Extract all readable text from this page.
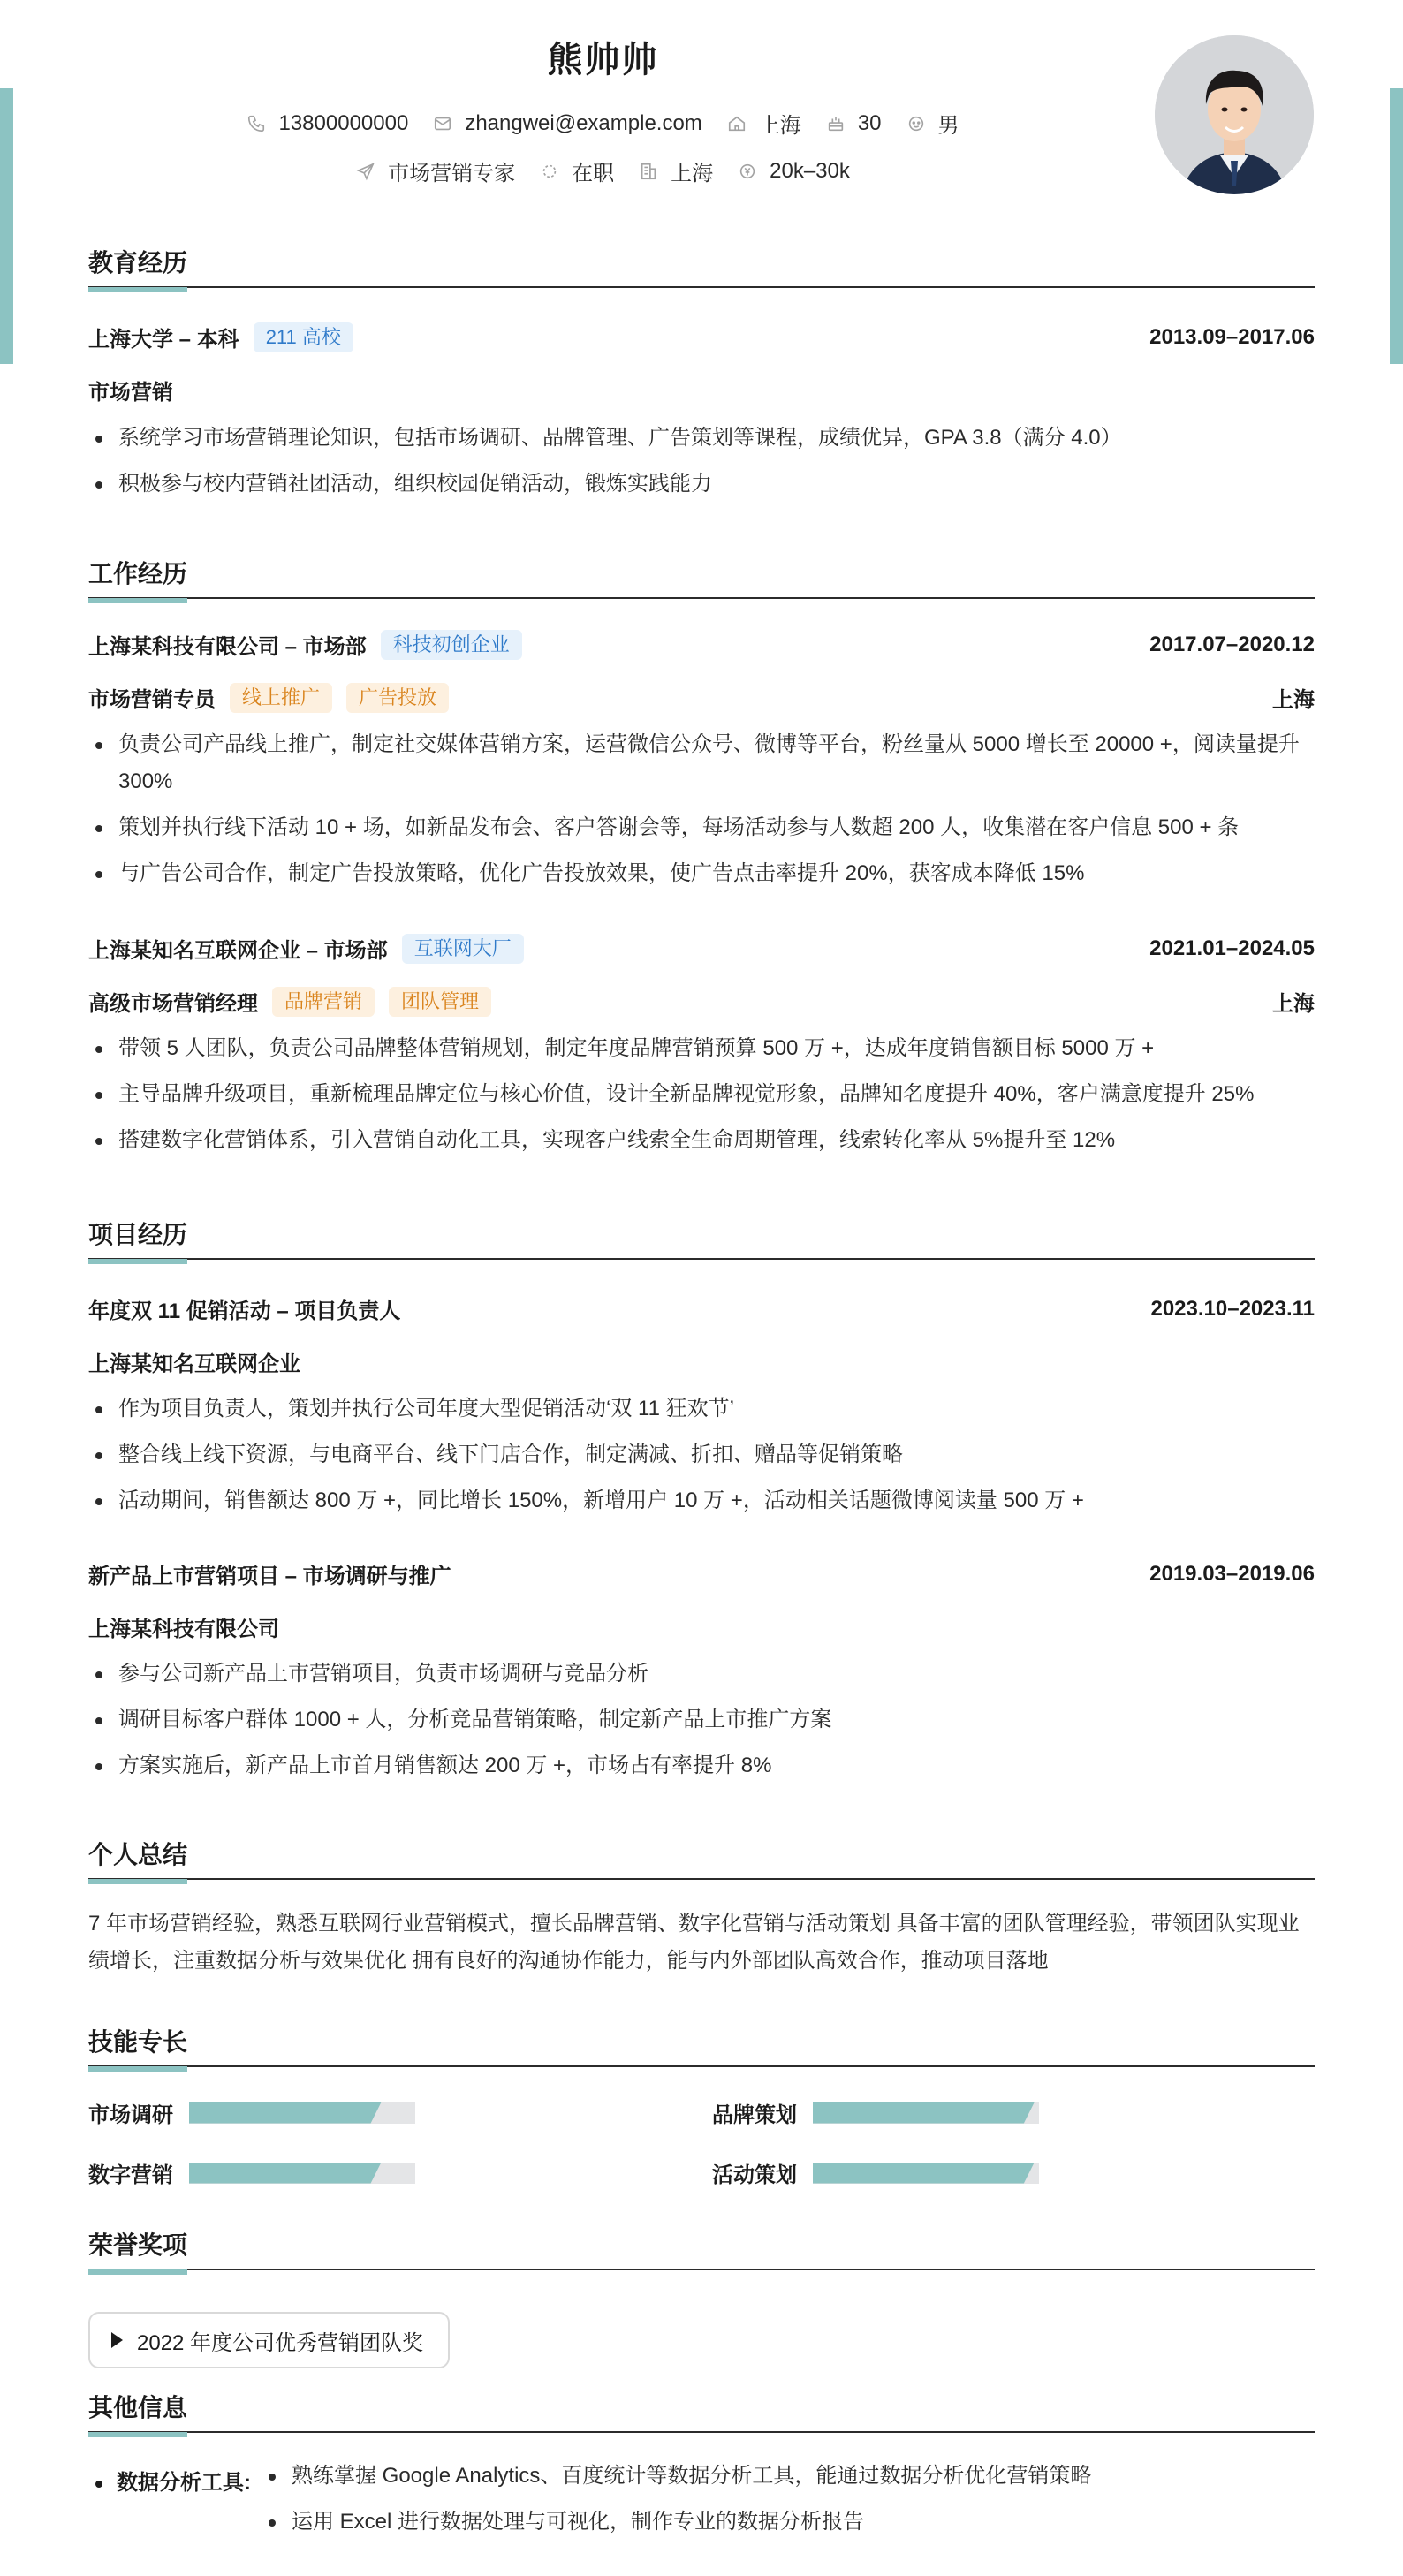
熊帅帅
13800000000	zhangwei@example.com	上海	30	男
市场营销专家	在职	上海	20k–30k
教育经历
上海大学 – 本科	211 高校	2013.09–2017.06
市场营销
系统学习市场营销理论知识，包括市场调研、品牌管理、广告策划等课程，成绩优异，GPA 3.8（满分 4.0）
积极参与校内营销社团活动，组织校园促销活动，锻炼实践能力
工作经历
上海某科技有限公司 – 市场部	科技初创企业	2017.07–2020.12
市场营销专员	线上推广	广告投放	上海
负责公司产品线上推广，制定社交媒体营销方案，运营微信公众号、微博等平台，粉丝量从 5000 增长至 20000 +，阅读量提升 300%
策划并执行线下活动 10 + 场，如新品发布会、客户答谢会等，每场活动参与人数超 200 人，收集潜在客户信息 500 + 条
与广告公司合作，制定广告投放策略，优化广告投放效果，使广告点击率提升 20%，获客成本降低 15%
上海某知名互联网企业 – 市场部	互联网大厂	2021.01–2024.05
高级市场营销经理	品牌营销	团队管理	上海
带领 5 人团队，负责公司品牌整体营销规划，制定年度品牌营销预算 500 万 +，达成年度销售额目标 5000 万 +
主导品牌升级项目，重新梳理品牌定位与核心价值，设计全新品牌视觉形象，品牌知名度提升 40%，客户满意度提升 25%
搭建数字化营销体系，引入营销自动化工具，实现客户线索全生命周期管理，线索转化率从 5%提升至 12%
项目经历
年度双 11 促销活动 – 项目负责人	2023.10–2023.11
上海某知名互联网企业
作为项目负责人，策划并执行公司年度大型促销活动‘双 11 狂欢节’
整合线上线下资源，与电商平台、线下门店合作，制定满减、折扣、赠品等促销策略
活动期间，销售额达 800 万 +，同比增长 150%，新增用户 10 万 +，活动相关话题微博阅读量 500 万 +
新产品上市营销项目 – 市场调研与推广	2019.03–2019.06
上海某科技有限公司
参与公司新产品上市营销项目，负责市场调研与竞品分析
调研目标客户群体 1000 + 人，分析竞品营销策略，制定新产品上市推广方案
方案实施后，新产品上市首月销售额达 200 万 +，市场占有率提升 8%
个人总结
7 年市场营销经验，熟悉互联网行业营销模式，擅长品牌营销、数字化营销与活动策划 具备丰富的团队管理经验，带领团队实现业绩增长，注重数据分析与效果优化 拥有良好的沟通协作能力，能与内外部团队高效合作，推动项目落地
技能专长
市场调研	品牌策划
数字营销	活动策划
荣誉奖项
2022 年度公司优秀营销团队奖
其他信息
数据分析工具:	熟练掌握 Google Analytics、百度统计等数据分析工具，能通过数据分析优化营销策略
运用 Excel 进行数据处理与可视化，制作专业的数据分析报告
